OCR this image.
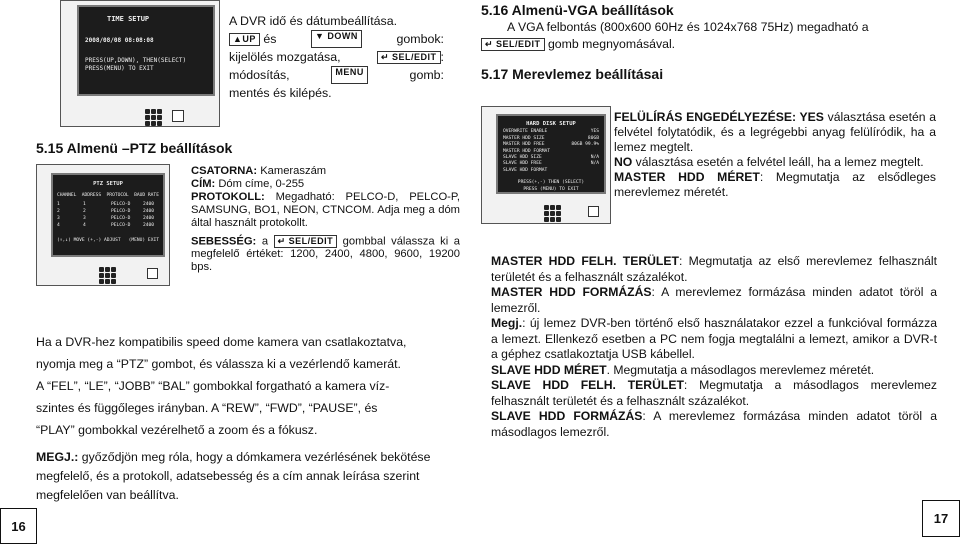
TIME SETUP
2008/08/08 08:08:08
PRESS(UP,DOWN), THEN(SELECT)
PRESS(MENU) TO EXIT
A DVR idő és dátumbeállítása.
▲UP és	▼ DOWN	gombok:
kijelölés mozgatása,	↵ SEL/EDIT :
módosítás,	MENU	gomb:
mentés és kilépés.
5.15 Almenü –PTZ beállítások
PTZ SETUP
CHANNEL ADDRESS PROTOCOL BAUD RATE
1	1	PELCO-D	2400
2	2	PELCO-D	2400
3	3	PELCO-D	2400
4	4	PELCO-D	2400
(↑,↓) MOVE (+,-) ADJUST (MENU) EXIT
CSATORNA: Kameraszám
CÍM: Dóm címe, 0-255
PROTOKOLL: Megadható: PELCO-D, PELCO-P, SAMSUNG, BO1, NEON, CTNCOM. Adja meg a dóm által használt protokollt.
SEBESSÉG: a ↵ SEL/EDIT gombbal válassza ki a megfelelő értéket: 1200, 2400, 4800, 9600, 19200 bps.
Ha a DVR-hez kompatibilis speed dome kamera van csatlakoztatva,
nyomja meg a “PTZ” gombot, és válassza ki a vezérlendő kamerát.
A “FEL”, “LE”, “JOBB” “BAL” gombokkal forgatható a kamera víz-
szintes és függőleges irányban. A “REW”, “FWD”, “PAUSE”, és
“PLAY” gombokkal vezérelhető a zoom és a fókusz.
MEGJ.: győződjön meg róla, hogy a dómkamera vezérlésének bekötése
megfelelő, és a protokoll, adatsebesség és a cím annak leírása szerint
megfelelően van beállítva.
16
5.16 Almenü-VGA beállítások
A VGA felbontás (800x600 60Hz és 1024x768 75Hz) megadható a
↵ SEL/EDIT gomb megnyomásával.
5.17 Merevlemez beállításai
HARD DISK SETUP
OVERWRITE ENABLE	YES
MASTER HDD SIZE	80GB
MASTER HDD FREE	80GB 99.9%
MASTER HDD FORMAT
SLAVE HDD SIZE	N/A
SLAVE HDD FREE	N/A
SLAVE HDD FORMAT
PRESS(+,-) THEN (SELECT)
PRESS (MENU) TO EXIT
FELÜLÍRÁS ENGEDÉLYEZÉSE: YES választása esetén a felvétel folytatódik, és a legrégebbi anyag felülíródik, ha a lemez megtelt.
NO választása esetén a felvétel leáll, ha a lemez megtelt.
MASTER HDD MÉRET: Megmutatja az elsődleges merevlemez méretét.
MASTER HDD FELH. TERÜLET: Megmutatja az első merevlemez felhasznált területét és a felhasznált százalékot.
MASTER HDD FORMÁZÁS: A merevlemez formázása minden adatot töröl a lemezről.
Megj.: új lemez DVR-ben történő első használatakor ezzel a funkcióval formázza a lemezt. Ellenkező esetben a PC nem fogja megtalálni a lemezt, amikor a DVR-t a géphez csatlakoztatja USB kábellel.
SLAVE HDD MÉRET. Megmutatja a másodlagos merevlemez méretét.
SLAVE HDD FELH. TERÜLET: Megmutatja a másodlagos merevlemez felhasznált területét és a felhasznált százalékot.
SLAVE HDD FORMÁZÁS: A merevlemez formázása minden adatot töröl a másodlagos lemezről.
17
